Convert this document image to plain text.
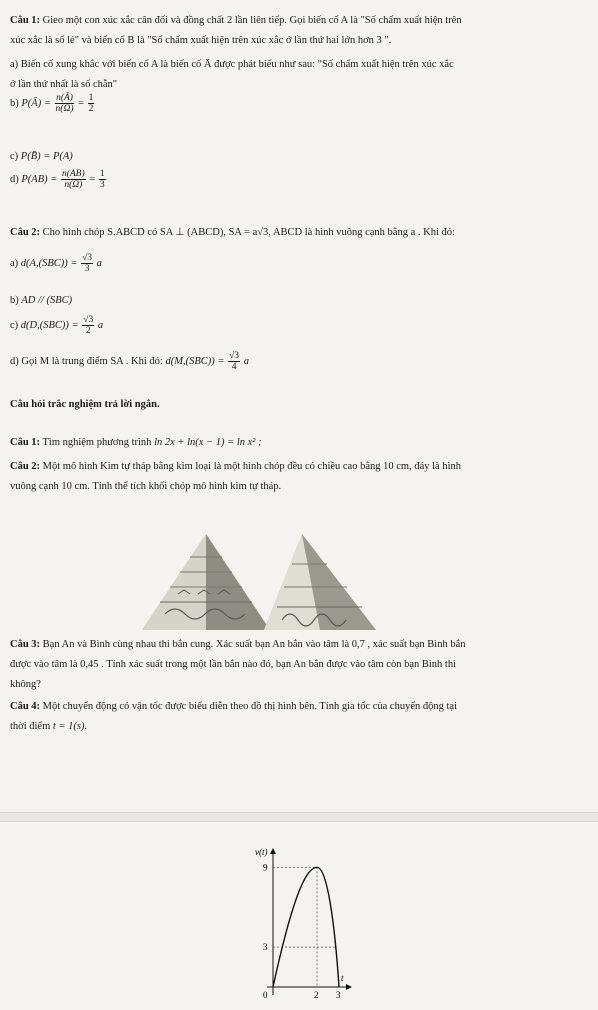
Câu 1: Gieo một con xúc xắc cân đối và đồng chất 2 lần liên tiếp. Gọi biến cố A là "Số chấm xuất hiện trên
xúc xắc là số lẻ" và biến cố B là "Số chấm xuất hiện trên xúc xắc ở lần thứ hai lớn hơn 3 ".
a) Biến cố xung khắc với biến cố A là biến cố Ā được phát biểu như sau: "Số chấm xuất hiện trên xúc xắc
ở lần thứ nhất là số chẵn"
b) P(Ā) = $\frac{n(Ā)}{n(\Omega)} = \frac{1}{2}$
c) P(B̄) = P(A)
d) $P(AB) = \frac{n(AB)}{n(\Omega)} = \frac{1}{3}$
Câu 2: Cho hình chóp S.ABCD có SA ⊥ (ABCD), SA = a√3, ABCD là hình vuông cạnh bằng a . Khi đó:
a) $d(A,(SBC)) = \frac{√3}{3}$ a
b) AD // (SBC)
c) $d(D,(SBC)) = \frac{√3}{2}$ a
d) Gọi M là trung điểm SA . Khi đó: $d(M,(SBC)) = \frac{√3}{4}$ a
Câu hỏi trắc nghiệm trả lời ngắn.
Câu 1: Tìm nghiệm phương trình ln 2x + ln(x − 1) = ln x² ;
Câu 2: Một mô hình Kim tự tháp bằng kim loại là một hình chóp đều có chiều cao bằng 10 cm, đáy là hình
vuông cạnh 10 cm. Tính thể tích khối chóp mô hình kim tự tháp.
Câu 3: Bạn An và Bình cùng nhau thi bắn cung. Xác suất bạn An bắn vào tâm là 0,7 , xác suất bạn Bình bắn
được vào tâm là 0,45 . Tính xác suất trong một lần bắn nào đó, bạn An bắn được vào tâm còn bạn Bình thì
không?
Câu 4: Một chuyển động có vận tốc được biểu diễn theo đồ thị hình bên. Tính gia tốc của chuyển động tại
thời điểm t = 1(s).
9
3
2 3
v(t)
t
0
